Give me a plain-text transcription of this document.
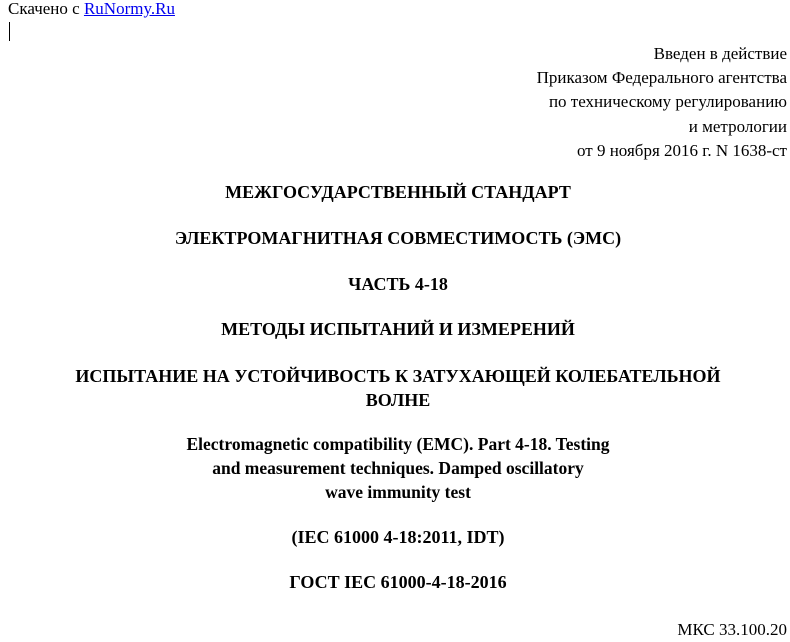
Скачено с RuNormy.Ru
Введен в действие
Приказом Федерального агентства
по техническому регулированию
и метрологии
от 9 ноября 2016 г. N 1638-ст
МЕЖГОСУДАРСТВЕННЫЙ СТАНДАРТ
ЭЛЕКТРОМАГНИТНАЯ СОВМЕСТИМОСТЬ (ЭМС)
ЧАСТЬ 4-18
МЕТОДЫ ИСПЫТАНИЙ И ИЗМЕРЕНИЙ
ИСПЫТАНИЕ НА УСТОЙЧИВОСТЬ К ЗАТУХАЮЩЕЙ КОЛЕБАТЕЛЬНОЙ
ВОЛНЕ
Electromagnetic compatibility (EMC). Part 4-18. Testing
and measurement techniques. Damped oscillatory
wave immunity test
(IEC 61000 4-18:2011, IDT)
ГОСТ IEC 61000-4-18-2016
МКС 33.100.20
